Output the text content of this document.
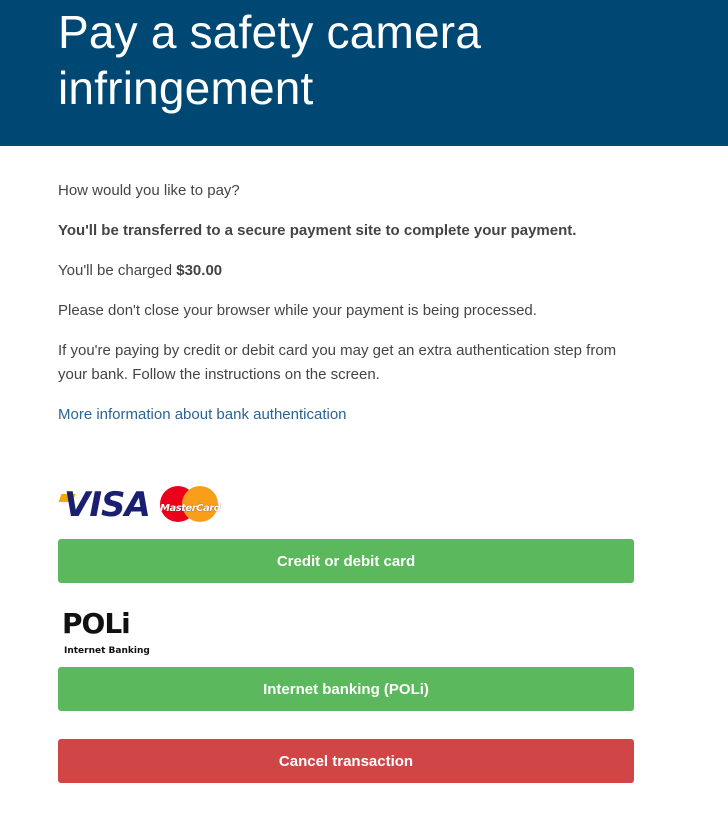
Pay a safety camera infringement

How would you like to pay?

You'll be transferred to a secure payment site to complete your payment.

You'll be charged $30.00

Please don't close your browser while your payment is being processed.

If you're paying by credit or debit card you may get an extra authentication step from your bank. Follow the instructions on the screen.

More information about bank authentication
VISA MasterCard
Credit or debit card
POLi
Internet Banking
Internet banking (POLi)
Cancel transaction
